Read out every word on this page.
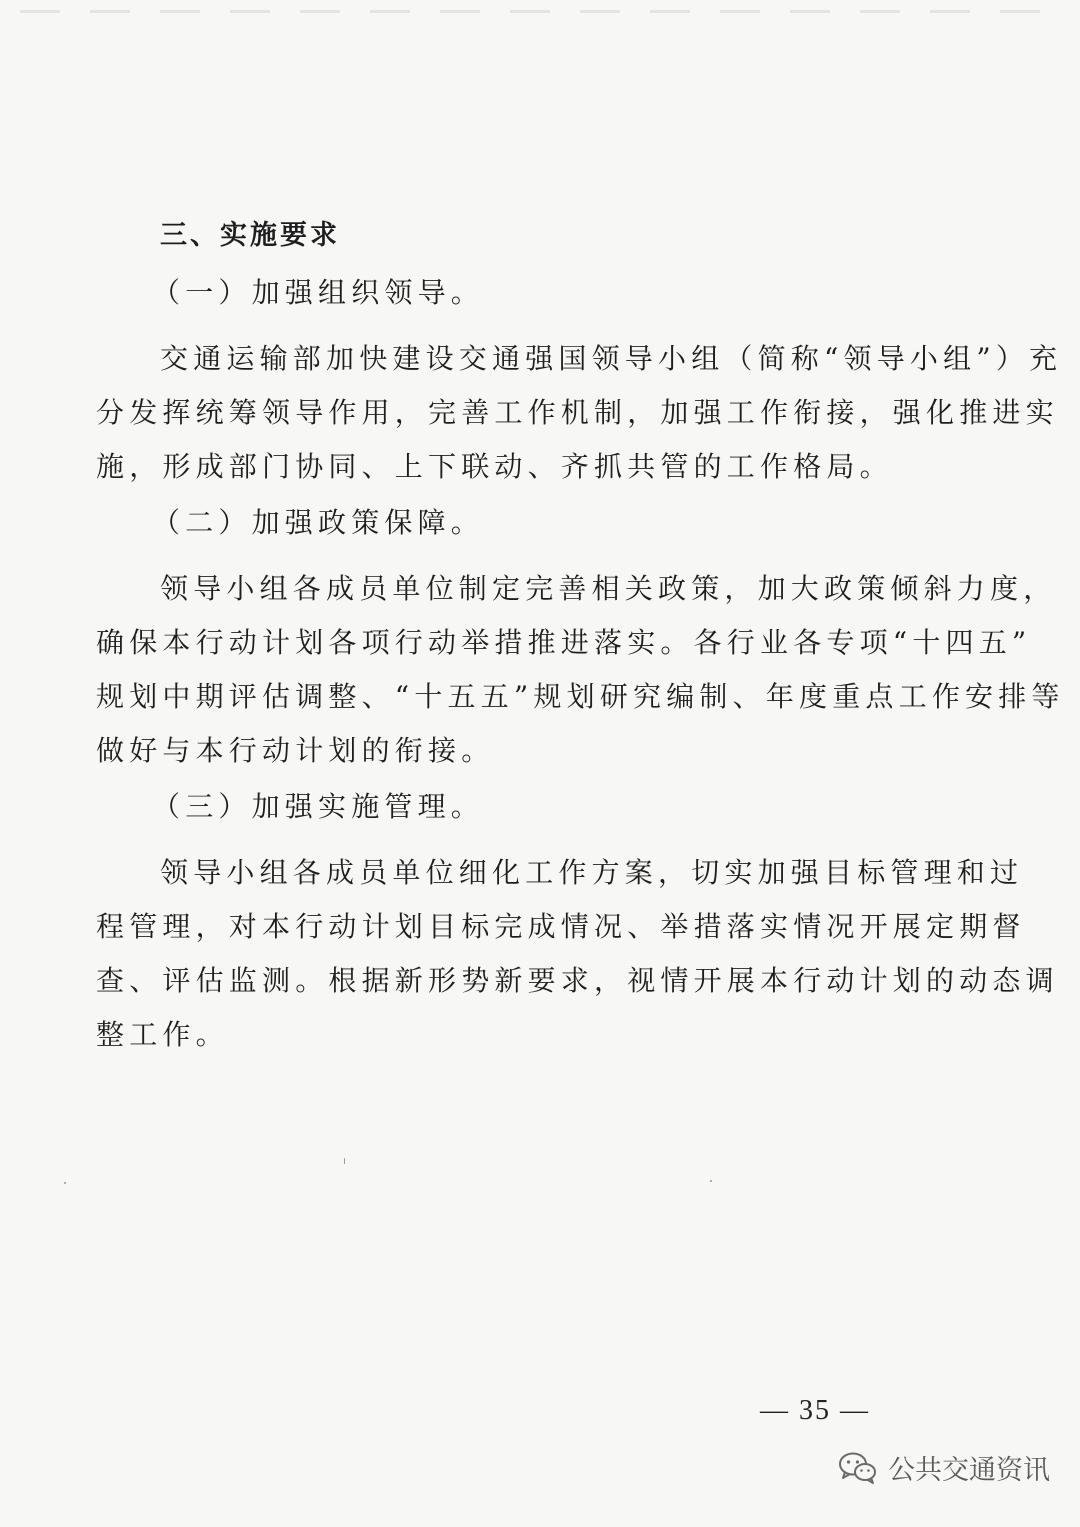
三、实施要求
（一）加强组织领导。
交通运输部加快建设交通强国领导小组（简称“领导小组”）充
分发挥统筹领导作用，完善工作机制，加强工作衔接，强化推进实
施，形成部门协同、上下联动、齐抓共管的工作格局。
（二）加强政策保障。
领导小组各成员单位制定完善相关政策，加大政策倾斜力度，
确保本行动计划各项行动举措推进落实。各行业各专项“十四五”
规划中期评估调整、“十五五”规划研究编制、年度重点工作安排等
做好与本行动计划的衔接。
（三）加强实施管理。
领导小组各成员单位细化工作方案，切实加强目标管理和过
程管理，对本行动计划目标完成情况、举措落实情况开展定期督
查、评估监测。根据新形势新要求，视情开展本行动计划的动态调
整工作。
— 35 —
公共交通资讯
